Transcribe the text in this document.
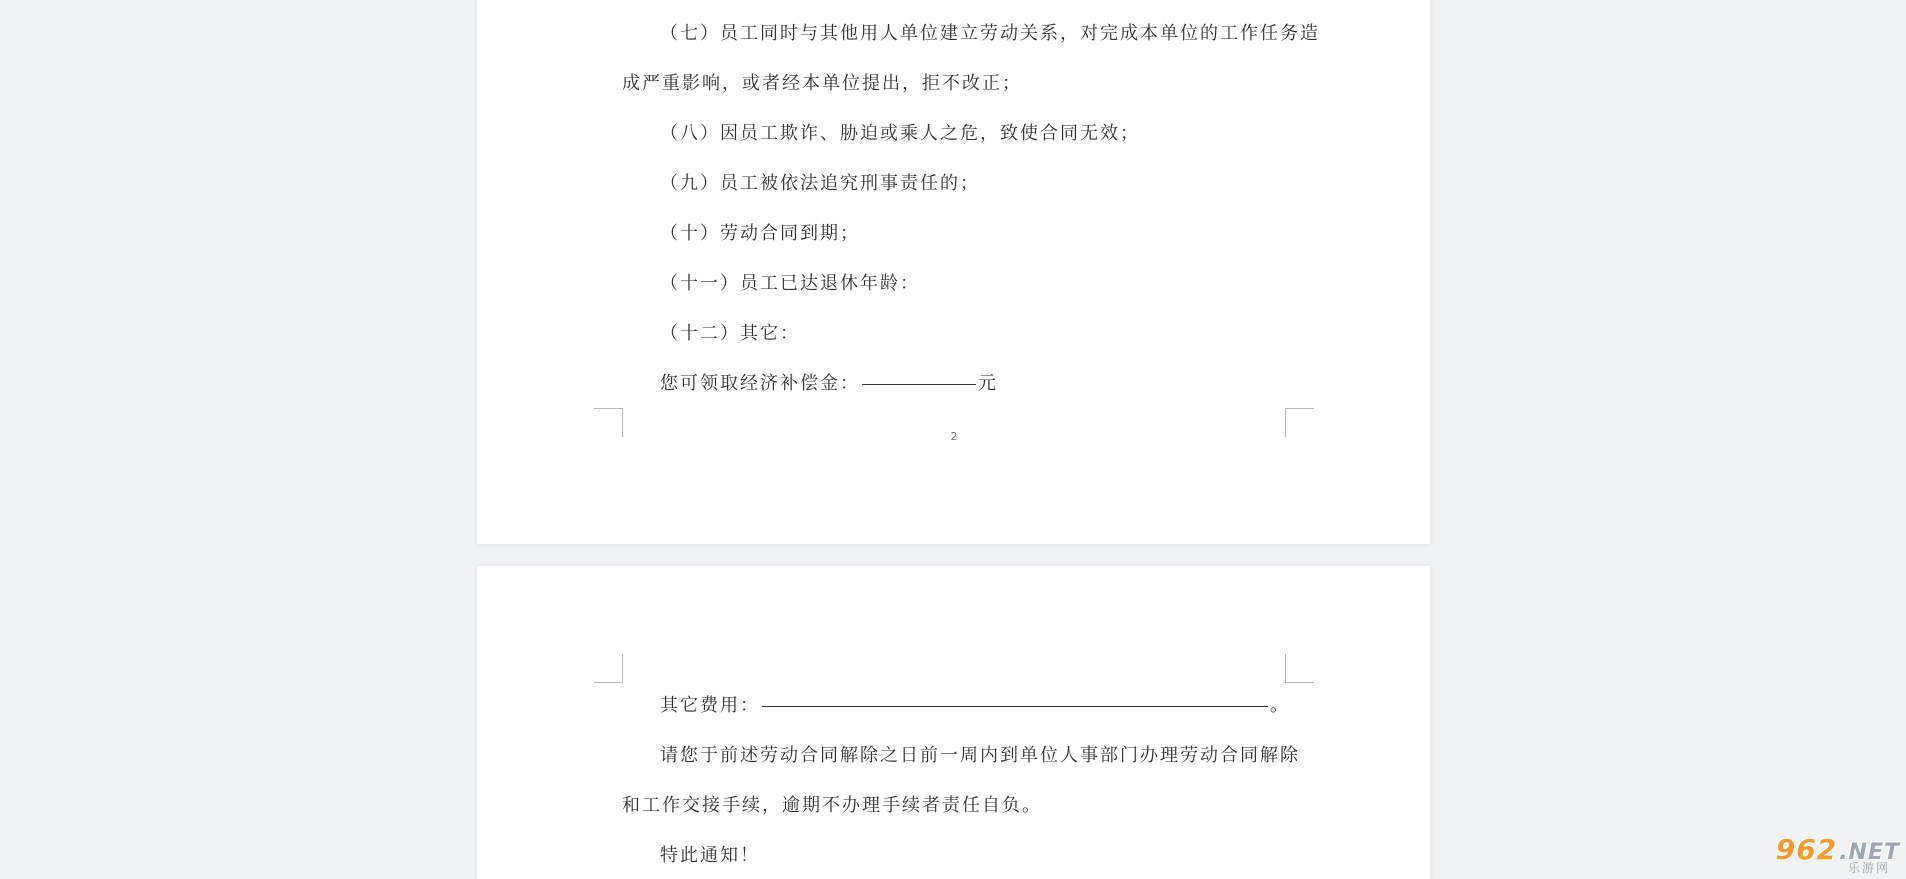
（七）员工同时与其他用人单位建立劳动关系，对完成本单位的工作任务造
成严重影响，或者经本单位提出，拒不改正；
（八）因员工欺诈、胁迫或乘人之危，致使合同无效；
（九）员工被依法追究刑事责任的；
（十）劳动合同到期；
（十一）员工已达退休年龄：
（十二）其它：
您可领取经济补偿金：	元
2
其它费用：	。
请您于前述劳动合同解除之日前一周内到单位人事部门办理劳动合同解除
和工作交接手续，逾期不办理手续者责任自负。
特此通知！	962.NET
乐游网
